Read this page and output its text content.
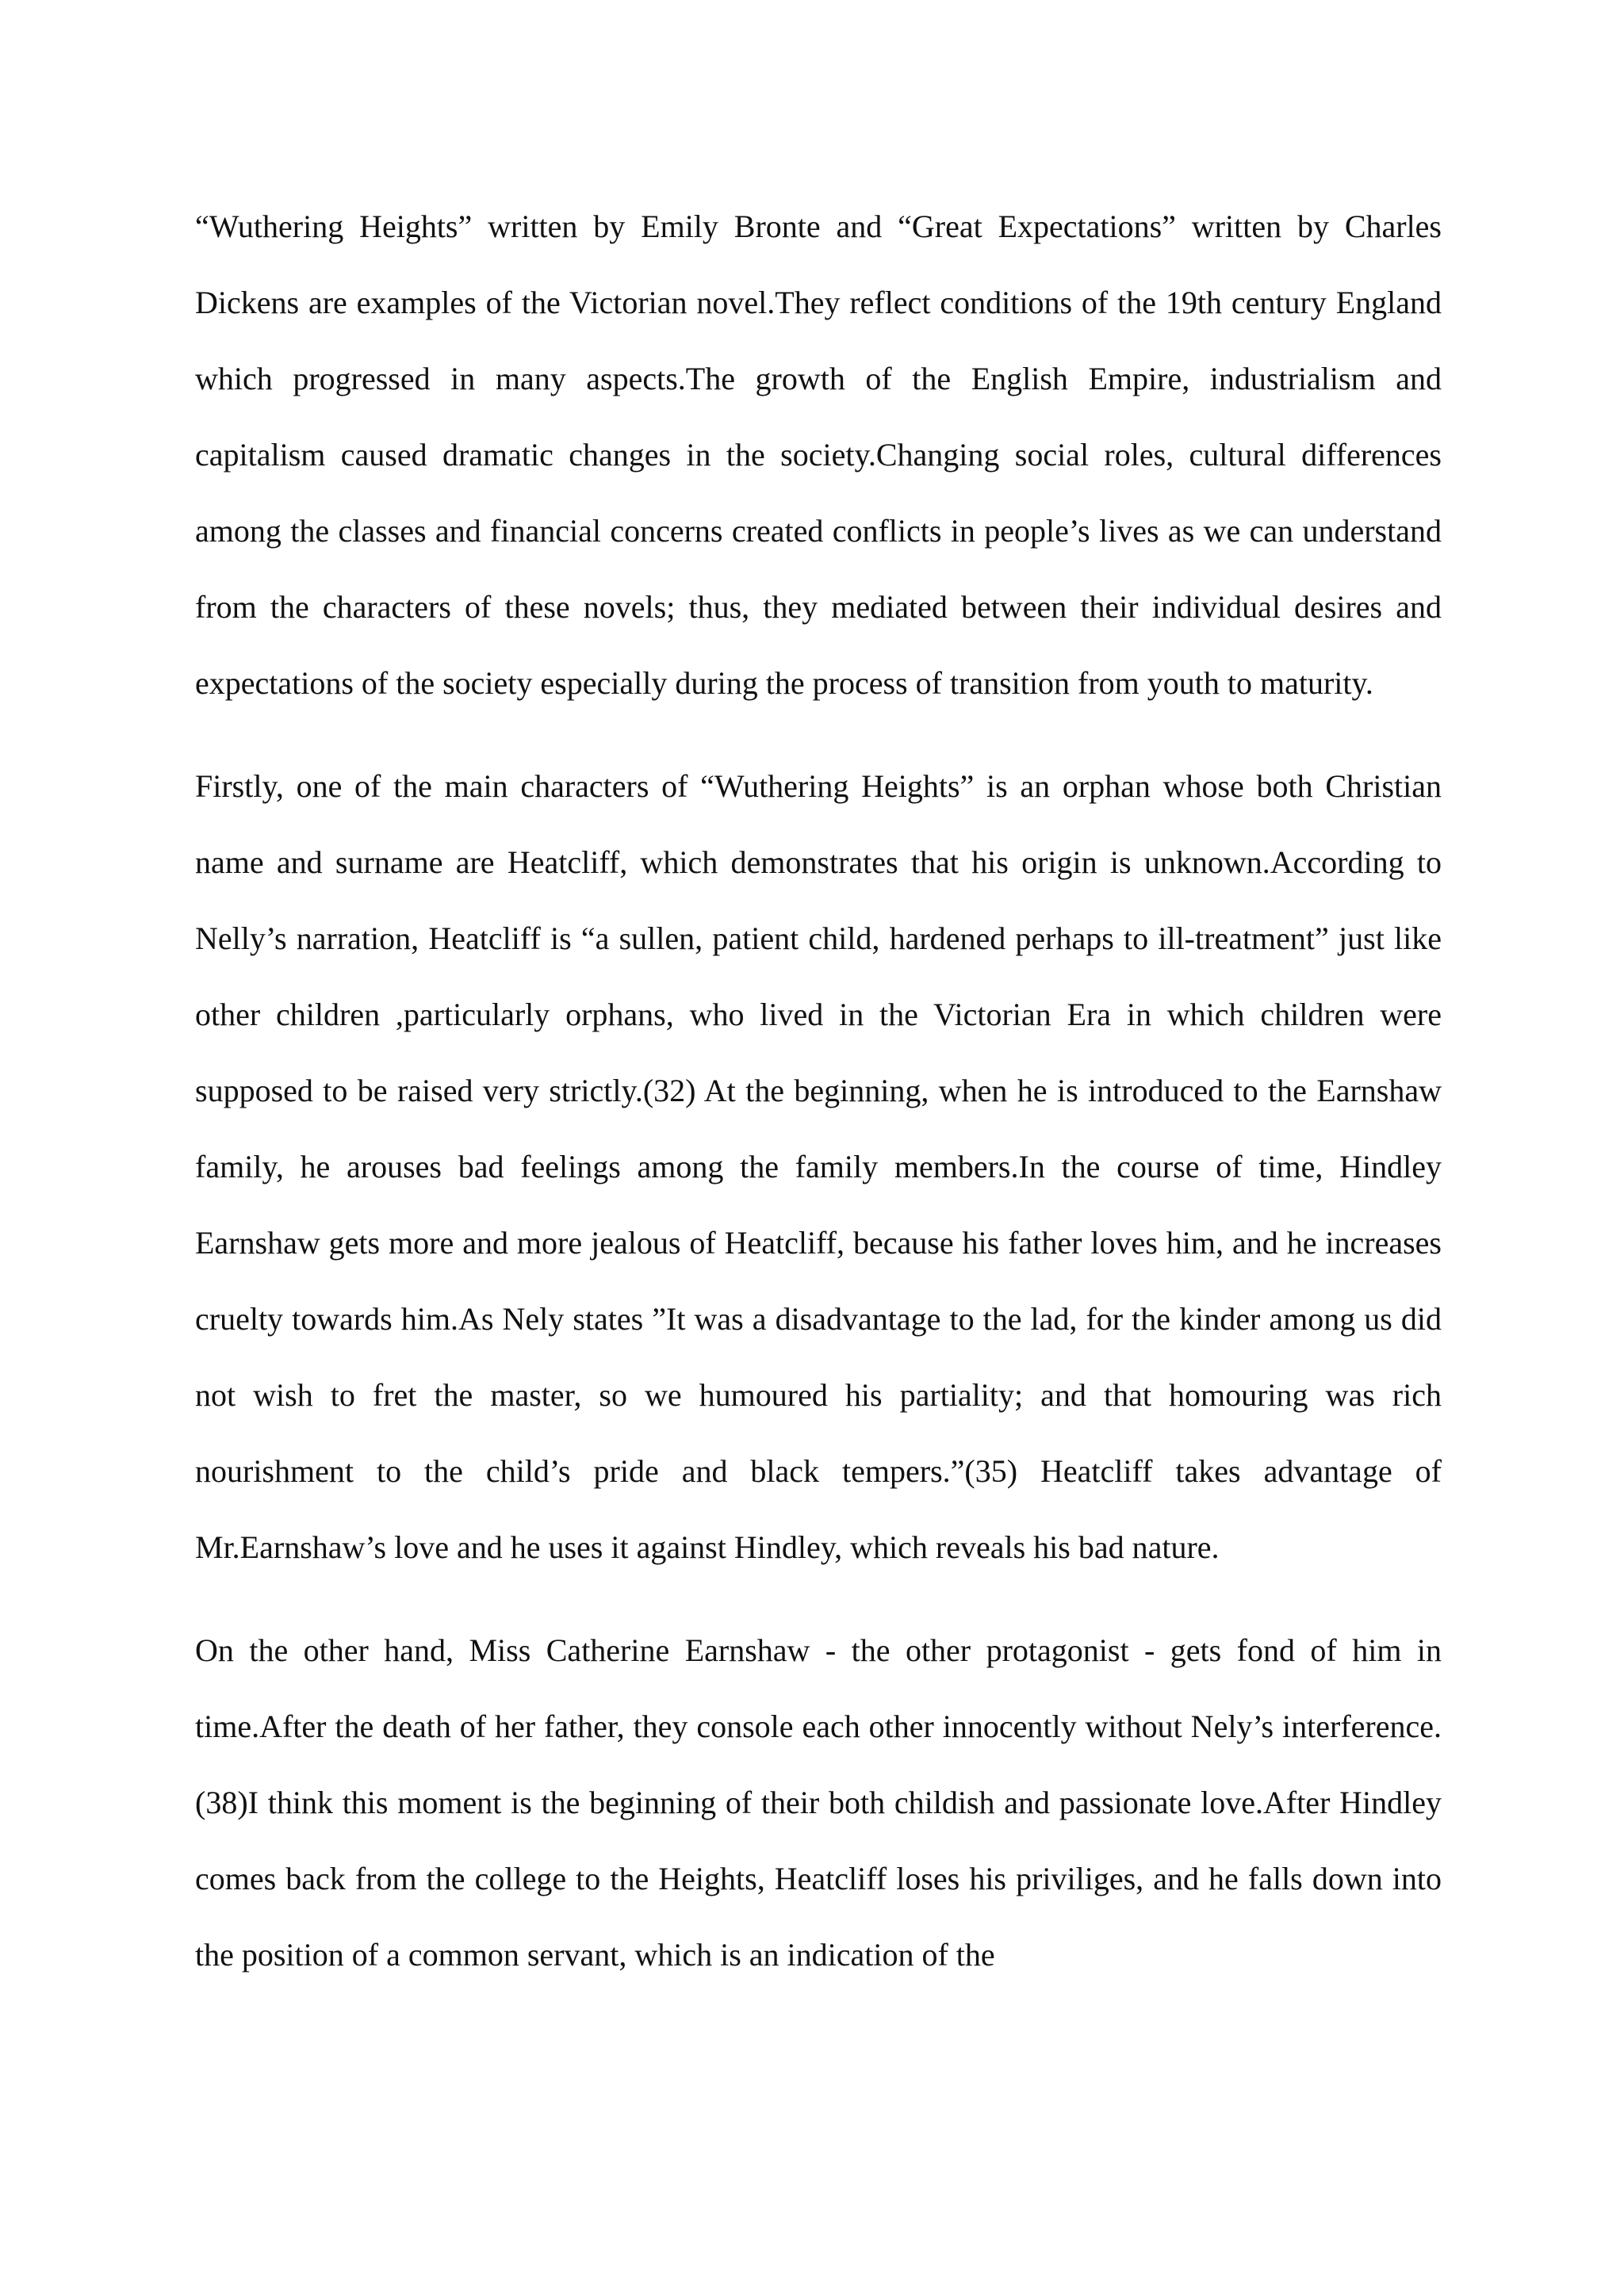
“Wuthering Heights” written by Emily Bronte and “Great Expectations” written by Charles Dickens are examples of the Victorian novel.They reflect conditions of the 19th century England which progressed in many aspects.The growth of the English Empire, industrialism and capitalism caused dramatic changes in the society.Changing social roles, cultural differences among the classes and financial concerns created conflicts in people’s lives as we can understand from the characters of these novels; thus, they mediated between their individual desires and expectations of the society especially during the process of transition from youth to maturity.

Firstly, one of the main characters of “Wuthering Heights” is an orphan whose both Christian name and surname are Heatcliff, which demonstrates that his origin is unknown.According to Nelly’s narration, Heatcliff is “a sullen, patient child, hardened perhaps to ill-treatment” just like other children ,particularly orphans, who lived in the Victorian Era in which children were supposed to be raised very strictly.(32) At the beginning, when he is introduced to the Earnshaw family, he arouses bad feelings among the family members.In the course of time, Hindley Earnshaw gets more and more jealous of Heatcliff, because his father loves him, and he increases cruelty towards him.As Nely states ”It was a disadvantage to the lad, for the kinder among us did not wish to fret the master, so we humoured his partiality; and that homouring was rich nourishment to the child’s pride and black tempers.”(35) Heatcliff takes advantage of Mr.Earnshaw’s love and he uses it against Hindley, which reveals his bad nature.

On the other hand, Miss Catherine Earnshaw - the other protagonist - gets fond of him in time.After the death of her father, they console each other innocently without Nely’s interference.(38)I think this moment is the beginning of their both childish and passionate love.After Hindley comes back from the college to the Heights, Heatcliff loses his priviliges, and he falls down into the position of a common servant, which is an indication of the
